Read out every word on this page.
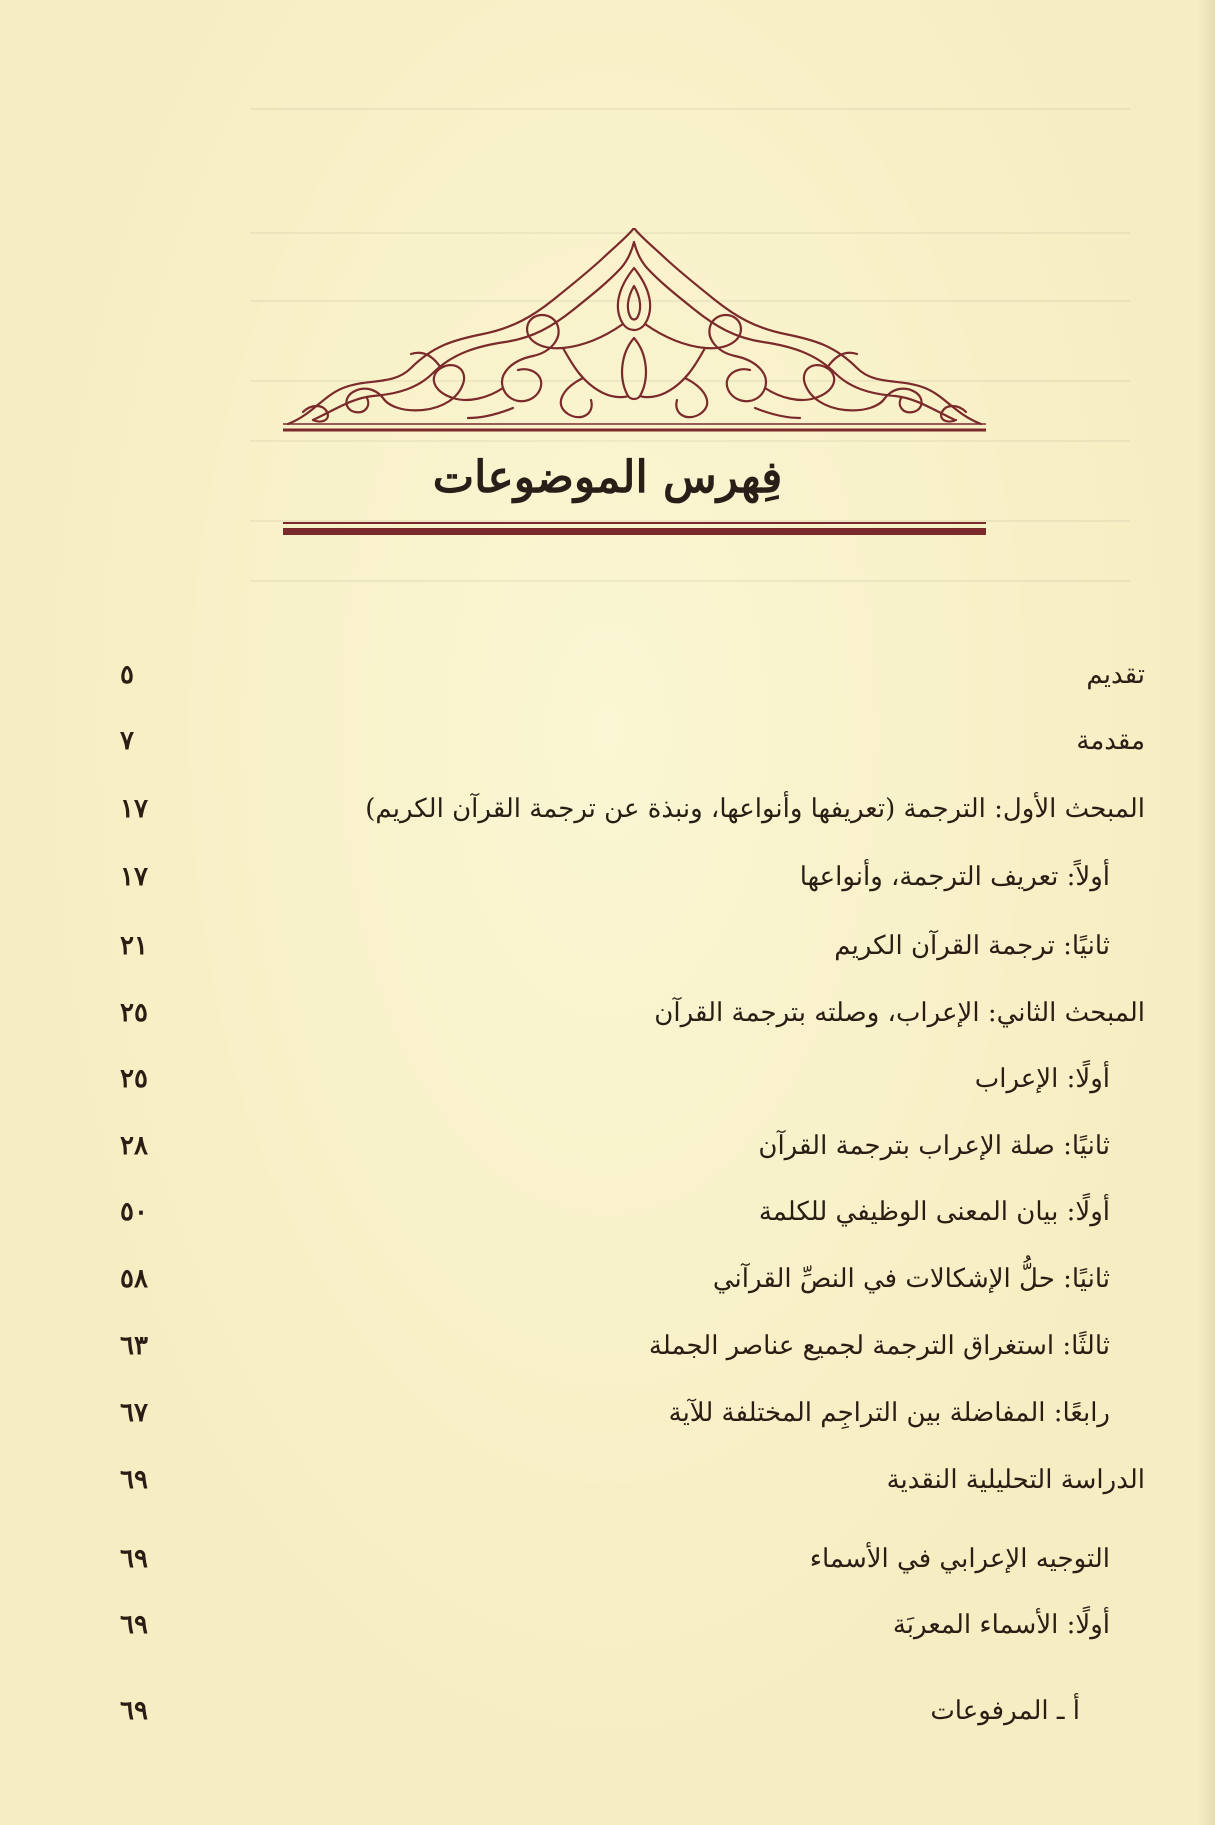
فِهرس الموضوعات
تقديم
٥
مقدمة
٧
المبحث الأول: الترجمة (تعريفها وأنواعها، ونبذة عن ترجمة القرآن الكريم)
١٧
أولاً: تعريف الترجمة، وأنواعها
١٧
ثانيًا: ترجمة القرآن الكريم
٢١
المبحث الثاني: الإعراب، وصلته بترجمة القرآن
٢٥
أولًا: الإعراب
٢٥
ثانيًا: صلة الإعراب بترجمة القرآن
٢٨
أولًا: بيان المعنى الوظيفي للكلمة
٥٠
ثانيًا: حلُّ الإشكالات في النصِّ القرآني
٥٨
ثالثًا: استغراق الترجمة لجميع عناصر الجملة
٦٣
رابعًا: المفاضلة بين التراجِم المختلفة للآية
٦٧
الدراسة التحليلية النقدية
٦٩
التوجيه الإعرابي في الأسماء
٦٩
أولًا: الأسماء المعربَة
٦٩
أ ـ المرفوعات
٦٩
